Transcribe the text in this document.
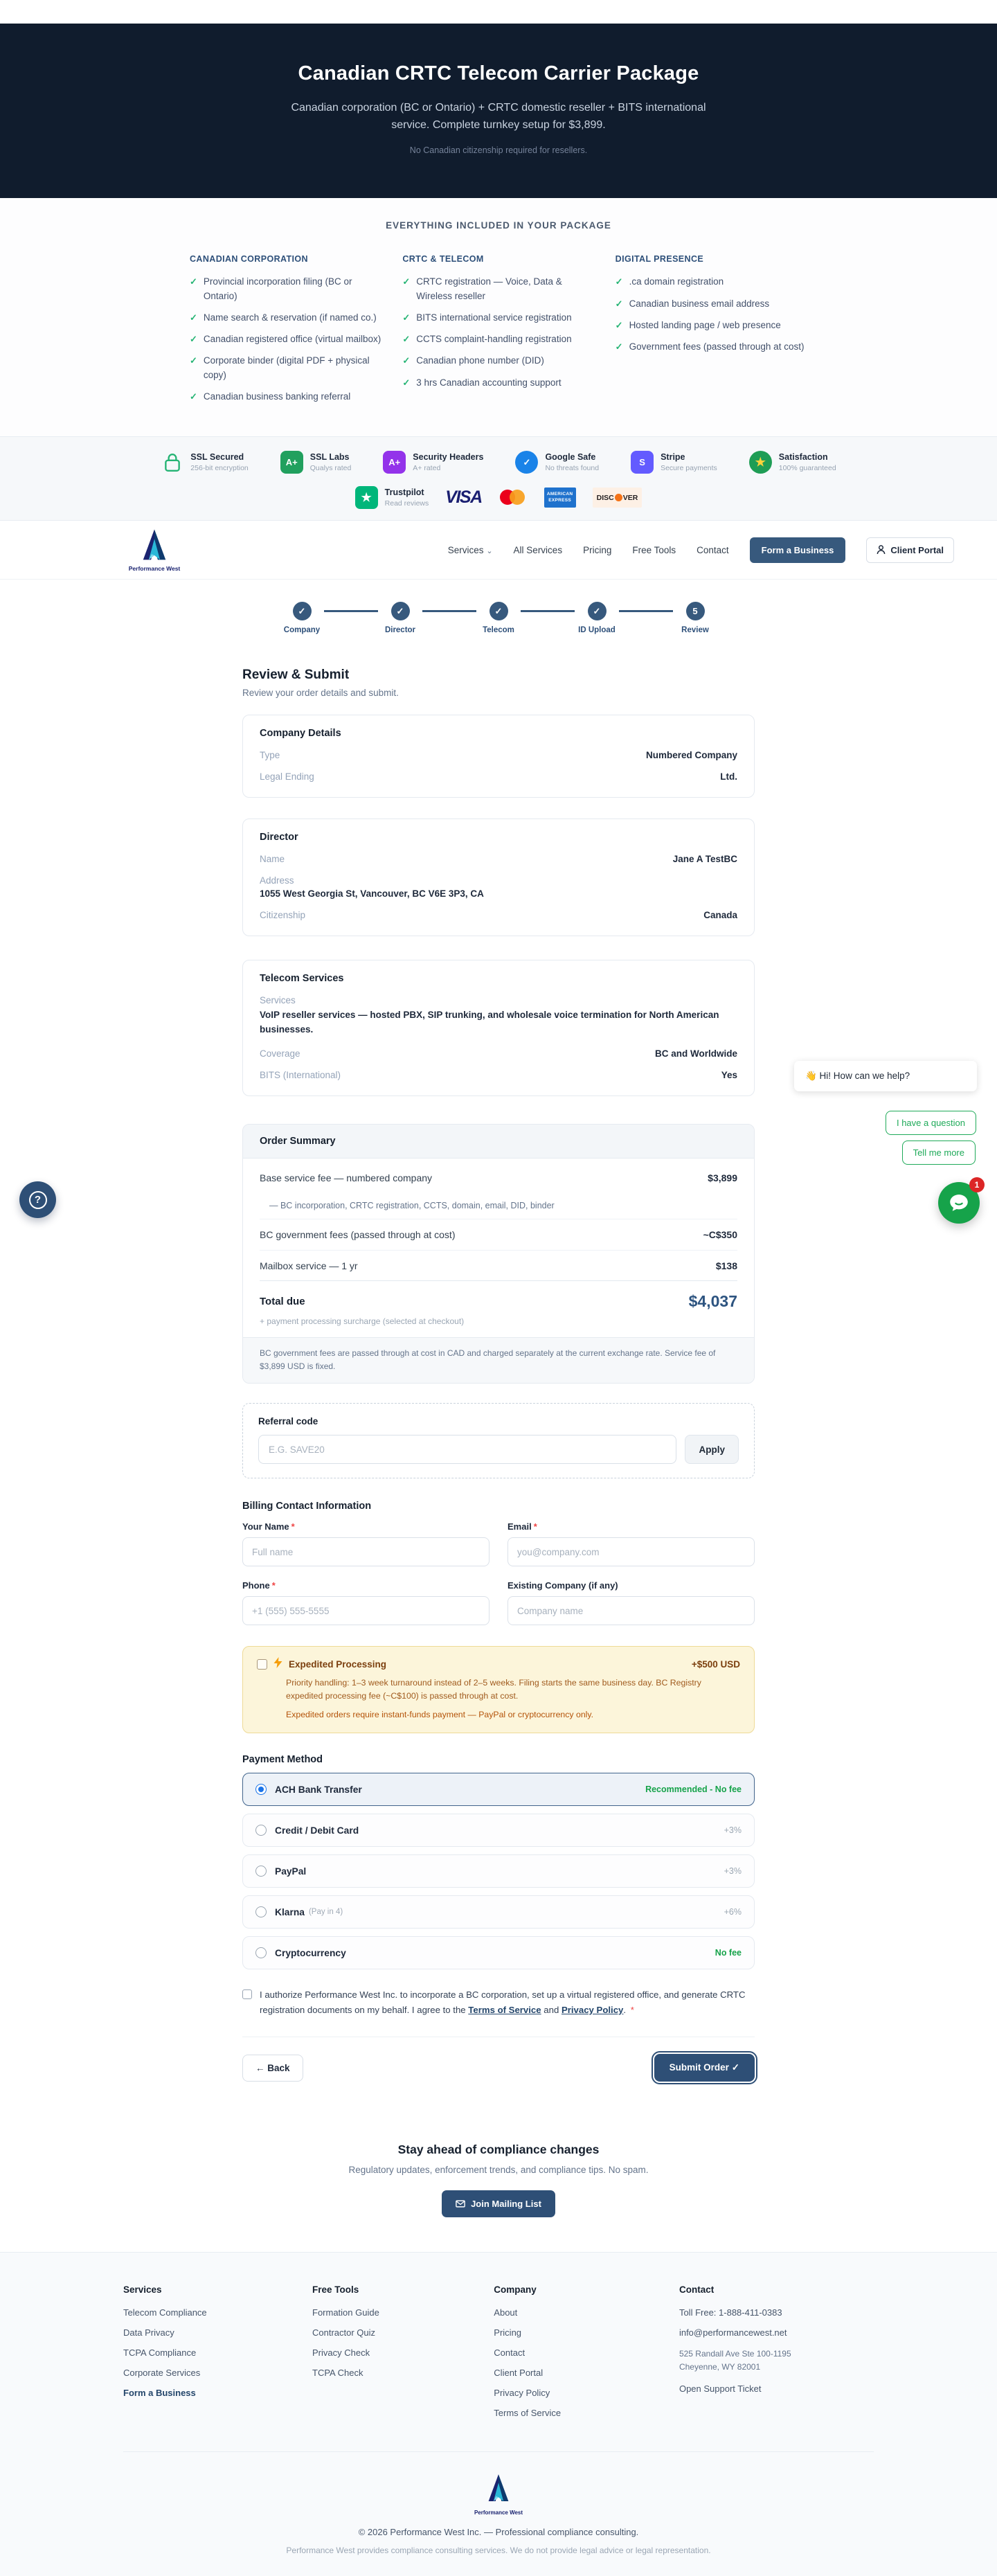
Canadian CRTC Telecom Carrier Package

Canadian corporation (BC or Ontario) + CRTC domestic reseller + BITS international service. Complete turnkey setup for $3,899.

No Canadian citizenship required for resellers.
EVERYTHING INCLUDED IN YOUR PACKAGE
CANADIAN CORPORATION
✓ Provincial incorporation filing (BC or Ontario)
✓ Name search & reservation (if named co.)
✓ Canadian registered office (virtual mailbox)
✓ Corporate binder (digital PDF + physical copy)
✓ Canadian business banking referral
CRTC & TELECOM
✓ CRTC registration — Voice, Data & Wireless reseller
✓ BITS international service registration
✓ CCTS complaint-handling registration
✓ Canadian phone number (DID)
✓ 3 hrs Canadian accounting support
DIGITAL PRESENCE
✓ .ca domain registration
✓ Canadian business email address
✓ Hosted landing page / web presence
✓ Government fees (passed through at cost)
SSL Secured
256-bit encryption
A+	SSL Labs
Qualys rated
A+	Security Headers
A+ rated
✓	Google Safe
No threats found
S	Stripe
Secure payments	★	Satisfaction
100% guaranteed
★	Trustpilot
Read reviews VISA	AMERICAN
EXPRESS	DISC VER
Performance West
Services ⌄ All Services Pricing Free Tools Contact	Form a Business	Client Portal
✓
Company
✓
Director
✓
Telecom
✓
ID Upload
5
Review
Review & Submit

Review your order details and submit.

Company Details
Type	Numbered Company
Legal Ending	Ltd.
Director
Name	Jane A TestBC
Address
1055 West Georgia St, Vancouver, BC V6E 3P3, CA
Citizenship	Canada
Telecom Services
Services
VoIP reseller services — hosted PBX, SIP trunking, and wholesale voice termination for North American businesses.
Coverage	BC and Worldwide
BITS (International)	Yes
Order Summary
Base service fee — numbered company	$3,899
— BC incorporation, CRTC registration, CCTS, domain, email, DID, binder
BC government fees (passed through at cost)	~C$350
Mailbox service — 1 yr	$138
Total due	$4,037
+ payment processing surcharge (selected at checkout)
BC government fees are passed through at cost in CAD and charged separately at the current exchange rate. Service fee of $3,899 USD is fixed.
Referral code
E.G. SAVE20
Apply
Billing Contact Information
Your Name *
Full name	Email *
you@company.com
Phone *
+1 (555) 555-5555	Existing Company (if any)
Company name
Expedited Processing	+$500 USD

Priority handling: 1–3 week turnaround instead of 2–5 weeks. Filing starts the same business day. BC Registry expedited processing fee (~C$100) is passed through at cost.

Expedited orders require instant-funds payment — PayPal or cryptocurrency only.

Payment Method
ACH Bank Transfer	Recommended - No fee
Credit / Debit Card	+3%
PayPal	+3%
Klarna (Pay in 4)	+6%
Cryptocurrency	No fee
I authorize Performance West Inc. to incorporate a BC corporation, set up a virtual registered office, and generate CRTC registration documents on my behalf. I agree to the Terms of Service and Privacy Policy. *
← Back	Submit Order ✓
Stay ahead of compliance changes

Regulatory updates, enforcement trends, and compliance tips. No spam.

Join Mailing List
Services
Telecom Compliance
Data Privacy
TCPA Compliance
Corporate Services
Form a Business
Free Tools
Formation Guide
Contractor Quiz
Privacy Check
TCPA Check
Company
About
Pricing
Contact
Client Portal
Privacy Policy
Terms of Service
Contact
Toll Free: 1-888-411-0383
info@performancewest.net
525 Randall Ave Ste 100-1195
Cheyenne, WY 82001
Open Support Ticket
Performance West
© 2026 Performance West Inc. — Professional compliance consulting.
Performance West provides compliance consulting services. We do not provide legal advice or legal representation.
?
👋 Hi! How can we help?
I have a question
Tell me more
1
